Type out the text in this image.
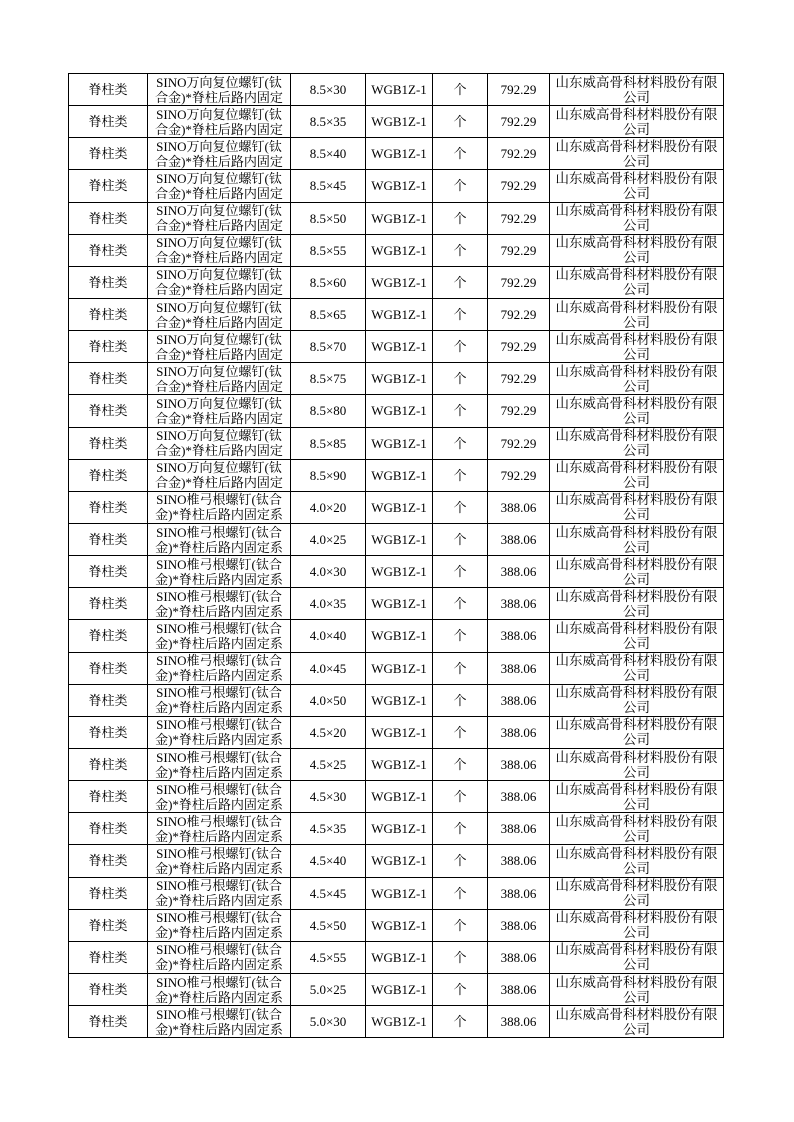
脊柱类	SINO万向复位螺钉(钛合金)*脊柱后路内固定	8.5×30	WGB1Z-1	个	792.29	山东威高骨科材料股份有限公司
脊柱类	SINO万向复位螺钉(钛合金)*脊柱后路内固定	8.5×35	WGB1Z-1	个	792.29	山东威高骨科材料股份有限公司
脊柱类	SINO万向复位螺钉(钛合金)*脊柱后路内固定	8.5×40	WGB1Z-1	个	792.29	山东威高骨科材料股份有限公司
脊柱类	SINO万向复位螺钉(钛合金)*脊柱后路内固定	8.5×45	WGB1Z-1	个	792.29	山东威高骨科材料股份有限公司
脊柱类	SINO万向复位螺钉(钛合金)*脊柱后路内固定	8.5×50	WGB1Z-1	个	792.29	山东威高骨科材料股份有限公司
脊柱类	SINO万向复位螺钉(钛合金)*脊柱后路内固定	8.5×55	WGB1Z-1	个	792.29	山东威高骨科材料股份有限公司
脊柱类	SINO万向复位螺钉(钛合金)*脊柱后路内固定	8.5×60	WGB1Z-1	个	792.29	山东威高骨科材料股份有限公司
脊柱类	SINO万向复位螺钉(钛合金)*脊柱后路内固定	8.5×65	WGB1Z-1	个	792.29	山东威高骨科材料股份有限公司
脊柱类	SINO万向复位螺钉(钛合金)*脊柱后路内固定	8.5×70	WGB1Z-1	个	792.29	山东威高骨科材料股份有限公司
脊柱类	SINO万向复位螺钉(钛合金)*脊柱后路内固定	8.5×75	WGB1Z-1	个	792.29	山东威高骨科材料股份有限公司
脊柱类	SINO万向复位螺钉(钛合金)*脊柱后路内固定	8.5×80	WGB1Z-1	个	792.29	山东威高骨科材料股份有限公司
脊柱类	SINO万向复位螺钉(钛合金)*脊柱后路内固定	8.5×85	WGB1Z-1	个	792.29	山东威高骨科材料股份有限公司
脊柱类	SINO万向复位螺钉(钛合金)*脊柱后路内固定	8.5×90	WGB1Z-1	个	792.29	山东威高骨科材料股份有限公司
脊柱类	SINO椎弓根螺钉(钛合金)*脊柱后路内固定系	4.0×20	WGB1Z-1	个	388.06	山东威高骨科材料股份有限公司
脊柱类	SINO椎弓根螺钉(钛合金)*脊柱后路内固定系	4.0×25	WGB1Z-1	个	388.06	山东威高骨科材料股份有限公司
脊柱类	SINO椎弓根螺钉(钛合金)*脊柱后路内固定系	4.0×30	WGB1Z-1	个	388.06	山东威高骨科材料股份有限公司
脊柱类	SINO椎弓根螺钉(钛合金)*脊柱后路内固定系	4.0×35	WGB1Z-1	个	388.06	山东威高骨科材料股份有限公司
脊柱类	SINO椎弓根螺钉(钛合金)*脊柱后路内固定系	4.0×40	WGB1Z-1	个	388.06	山东威高骨科材料股份有限公司
脊柱类	SINO椎弓根螺钉(钛合金)*脊柱后路内固定系	4.0×45	WGB1Z-1	个	388.06	山东威高骨科材料股份有限公司
脊柱类	SINO椎弓根螺钉(钛合金)*脊柱后路内固定系	4.0×50	WGB1Z-1	个	388.06	山东威高骨科材料股份有限公司
脊柱类	SINO椎弓根螺钉(钛合金)*脊柱后路内固定系	4.5×20	WGB1Z-1	个	388.06	山东威高骨科材料股份有限公司
脊柱类	SINO椎弓根螺钉(钛合金)*脊柱后路内固定系	4.5×25	WGB1Z-1	个	388.06	山东威高骨科材料股份有限公司
脊柱类	SINO椎弓根螺钉(钛合金)*脊柱后路内固定系	4.5×30	WGB1Z-1	个	388.06	山东威高骨科材料股份有限公司
脊柱类	SINO椎弓根螺钉(钛合金)*脊柱后路内固定系	4.5×35	WGB1Z-1	个	388.06	山东威高骨科材料股份有限公司
脊柱类	SINO椎弓根螺钉(钛合金)*脊柱后路内固定系	4.5×40	WGB1Z-1	个	388.06	山东威高骨科材料股份有限公司
脊柱类	SINO椎弓根螺钉(钛合金)*脊柱后路内固定系	4.5×45	WGB1Z-1	个	388.06	山东威高骨科材料股份有限公司
脊柱类	SINO椎弓根螺钉(钛合金)*脊柱后路内固定系	4.5×50	WGB1Z-1	个	388.06	山东威高骨科材料股份有限公司
脊柱类	SINO椎弓根螺钉(钛合金)*脊柱后路内固定系	4.5×55	WGB1Z-1	个	388.06	山东威高骨科材料股份有限公司
脊柱类	SINO椎弓根螺钉(钛合金)*脊柱后路内固定系	5.0×25	WGB1Z-1	个	388.06	山东威高骨科材料股份有限公司
脊柱类	SINO椎弓根螺钉(钛合金)*脊柱后路内固定系	5.0×30	WGB1Z-1	个	388.06	山东威高骨科材料股份有限公司
